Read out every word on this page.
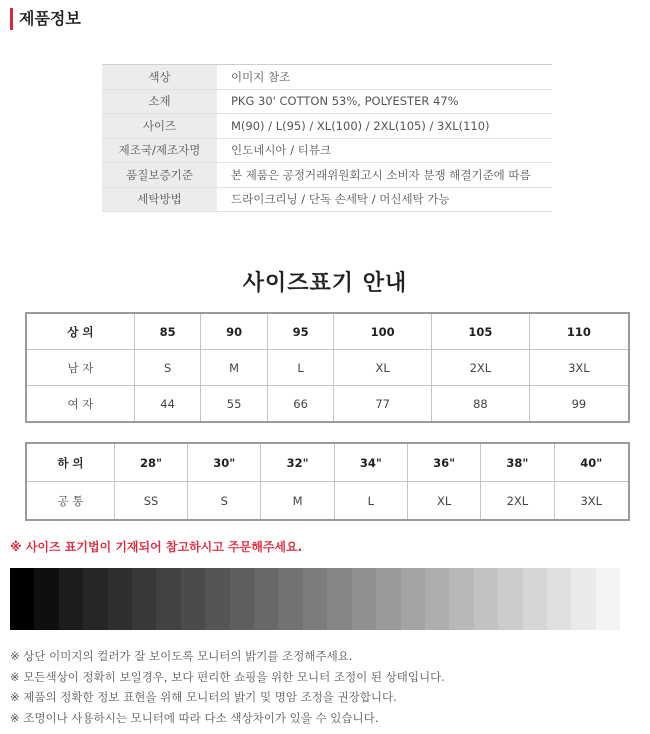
제품정보
색상	이미지 참조
소재	PKG 30' COTTON 53%, POLYESTER 47%
사이즈	M(90) / L(95) / XL(100) / 2XL(105) / 3XL(110)
제조국/제조자명	인도네시아 / 티뷰크
품질보증기준	본 제품은 공정거래위원회고시 소비자 분쟁 해결기준에 따름
세탁방법	드라이크리닝 / 단독 손세탁 / 머신세탁 가능
사이즈표기 안내
상 의	85	90	95	100	105	110
남 자	S	M	L	XL	2XL	3XL
여 자	44	55	66	77	88	99
하 의	28"	30"	32"	34"	36"	38"	40"
공 통	SS	S	M	L	XL	2XL	3XL
※ 사이즈 표기법이 기재되어 참고하시고 주문해주세요.
※ 상단 이미지의 컬러가 잘 보이도록 모니터의 밝기를 조정해주세요.
※ 모든색상이 정확히 보일경우, 보다 편리한 쇼핑을 위한 모니터 조정이 된 상태입니다.
※ 제품의 정확한 정보 표현을 위해 모니터의 밝기 및 명암 조정을 권장합니다.
※ 조명이나 사용하시는 모니터에 따라 다소 색상차이가 있을 수 있습니다.
